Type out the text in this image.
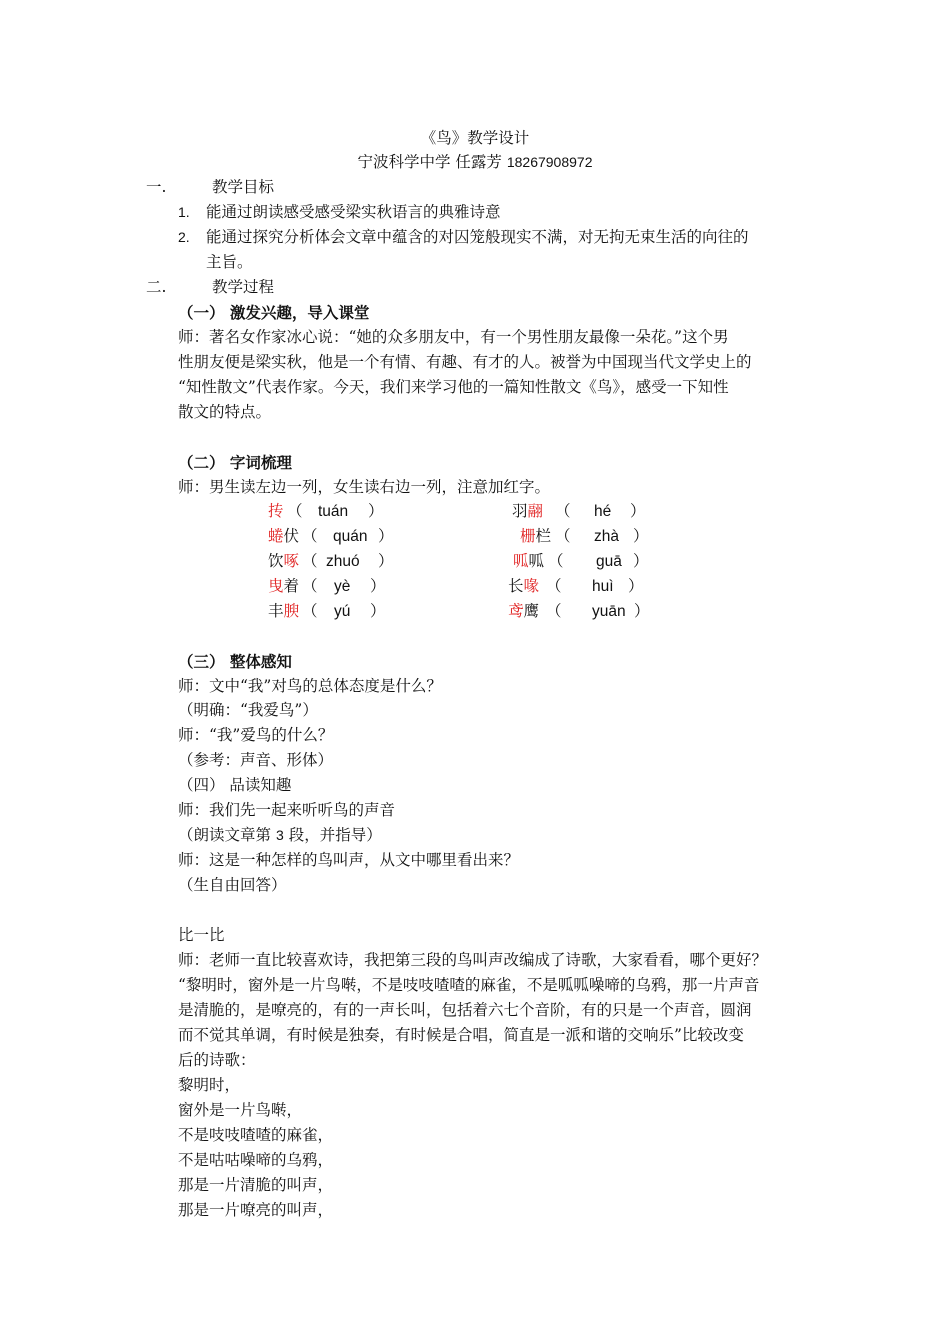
《鸟》教学设计
宁波科学中学 任露芳 18267908972
一.	教学目标
1. 能通过朗读感受感受梁实秋语言的典雅诗意
2. 能通过探究分析体会文章中蕴含的对囚笼般现实不满，对无拘无束生活的向往的
主旨。
二.	教学过程
（一） 激发兴趣，导入课堂
师：著名女作家冰心说：“她的众多朋友中，有一个男性朋友最像一朵花。”这个男
性朋友便是梁实秋，他是一个有情、有趣、有才的人。被誉为中国现当代文学史上的
“知性散文”代表作家。今天，我们来学习他的一篇知性散文《鸟》，感受一下知性
散文的特点。
（二） 字词梳理
师：男生读左边一列，女生读右边一列，注意加红字。
抟 （ tuán ）
蜷伏 （ quán ）
饮啄 （ zhuó ）
曳着 （ yè ）
丰腴 （ yú ）
羽翮 （ hé ）
栅栏 （ zhà ）
呱呱 （ guā ）
长喙 （ huì ）
鸢鹰 （ yuān ）
（三） 整体感知
师：文中“我”对鸟的总体态度是什么？
（明确：“我爱鸟”）
师：“我”爱鸟的什么？
（参考：声音、形体）
（四） 品读知趣
师：我们先一起来听听鸟的声音
（朗读文章第 3 段，并指导）
师：这是一种怎样的鸟叫声，从文中哪里看出来？
（生自由回答）
比一比
师：老师一直比较喜欢诗，我把第三段的鸟叫声改编成了诗歌，大家看看，哪个更好？
“黎明时，窗外是一片鸟啭，不是吱吱喳喳的麻雀，不是呱呱噪啼的乌鸦，那一片声音
是清脆的，是嘹亮的，有的一声长叫，包括着六七个音阶，有的只是一个声音，圆润
而不觉其单调，有时候是独奏，有时候是合唱，简直是一派和谐的交响乐”比较改变
后的诗歌：
黎明时，
窗外是一片鸟啭，
不是吱吱喳喳的麻雀，
不是咕咕噪啼的乌鸦，
那是一片清脆的叫声，
那是一片嘹亮的叫声，
